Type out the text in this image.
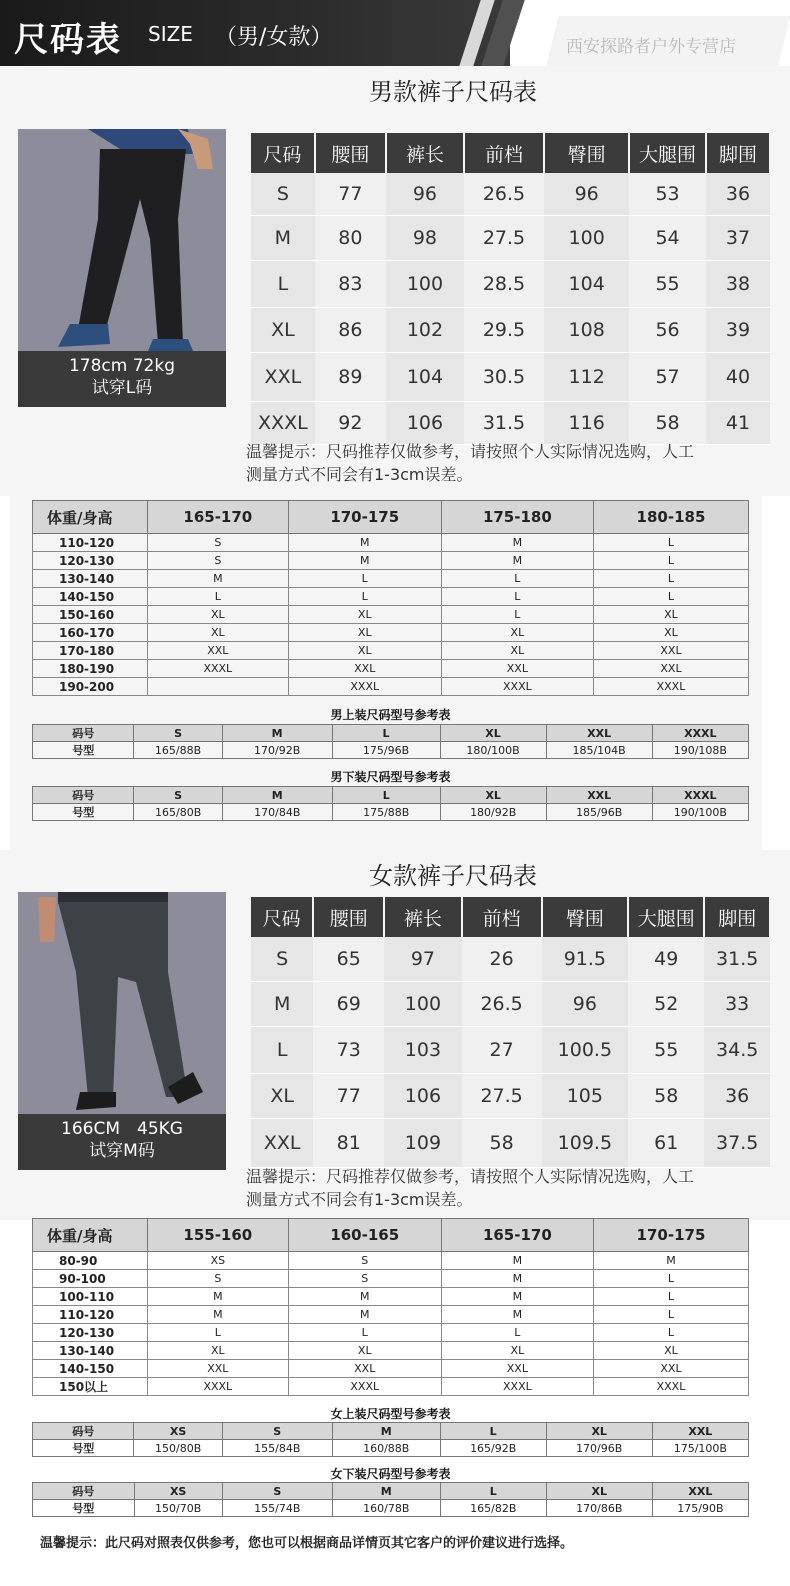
尺码表 SIZE （男/女款）	西安探路者户外专营店
男款裤子尺码表
178cm 72kg
试穿L码
尺码	腰围	裤长	前档	臀围	大腿围	脚围
S	77	96	26.5	96	53	36
M	80	98	27.5	100	54	37
L	83	100	28.5	104	55	38
XL	86	102	29.5	108	56	39
XXL	89	104	30.5	112	57	40
XXXL	92	106	31.5	116	58	41
温馨提示：尺码推荐仅做参考，请按照个人实际情况选购，人工
测量方式不同会有1-3cm误差。
体重/身高	165-170	170-175	175-180	180-185
110-120	S	M	M	L
120-130	S	M	M	L
130-140	M	L	L	L
140-150	L	L	L	L
150-160	XL	XL	L	XL
160-170	XL	XL	XL	XL
170-180	XXL	XL	XL	XXL
180-190	XXXL	XXL	XXL	XXL
190-200		XXXL	XXXL	XXXL
男上装尺码型号参考表
码号	S	M	L	XL	XXL	XXXL
号型	165/88B	170/92B	175/96B	180/100B	185/104B	190/108B
男下装尺码型号参考表
码号	S	M	L	XL	XXL	XXXL
号型	165/80B	170/84B	175/88B	180/92B	185/96B	190/100B
女款裤子尺码表
166CM　45KG
试穿M码
尺码	腰围	裤长	前档	臀围	大腿围	脚围
S	65	97	26	91.5	49	31.5
M	69	100	26.5	96	52	33
L	73	103	27	100.5	55	34.5
XL	77	106	27.5	105	58	36
XXL	81	109	58	109.5	61	37.5
温馨提示：尺码推荐仅做参考，请按照个人实际情况选购，人工
测量方式不同会有1-3cm误差。
体重/身高	155-160	160-165	165-170	170-175
80-90	XS	S	M	M
90-100	S	S	M	L
100-110	M	M	M	L
110-120	M	M	M	L
120-130	L	L	L	L
130-140	XL	XL	XL	XL
140-150	XXL	XXL	XXL	XXL
150以上	XXXL	XXXL	XXXL	XXXL
女上装尺码型号参考表
码号	XS	S	M	L	XL	XXL
号型	150/80B	155/84B	160/88B	165/92B	170/96B	175/100B
女下装尺码型号参考表
码号	XS	S	M	L	XL	XXL
号型	150/70B	155/74B	160/78B	165/82B	170/86B	175/90B
温馨提示：此尺码对照表仅供参考，您也可以根据商品详情页其它客户的评价建议进行选择。
